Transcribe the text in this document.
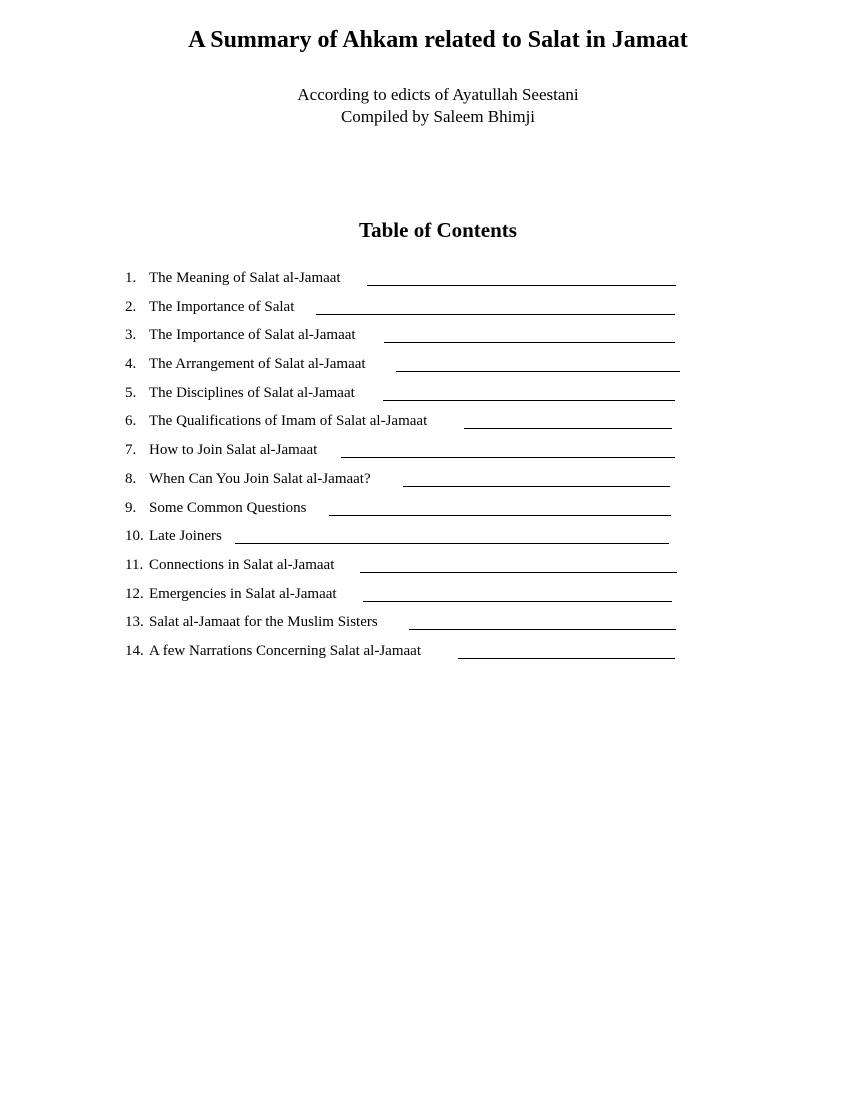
A Summary of Ahkam related to Salat in Jamaat
According to edicts of Ayatullah Seestani
Compiled by Saleem Bhimji
Table of Contents
1. The Meaning of Salat al-Jamaat
2. The Importance of Salat
3. The Importance of Salat al-Jamaat
4. The Arrangement of Salat al-Jamaat
5. The Disciplines of Salat al-Jamaat
6. The Qualifications of Imam of Salat al-Jamaat
7. How to Join Salat al-Jamaat
8. When Can You Join Salat al-Jamaat?
9. Some Common Questions
10. Late Joiners
11. Connections in Salat al-Jamaat
12. Emergencies in Salat al-Jamaat
13. Salat al-Jamaat for the Muslim Sisters
14. A few Narrations Concerning Salat al-Jamaat
